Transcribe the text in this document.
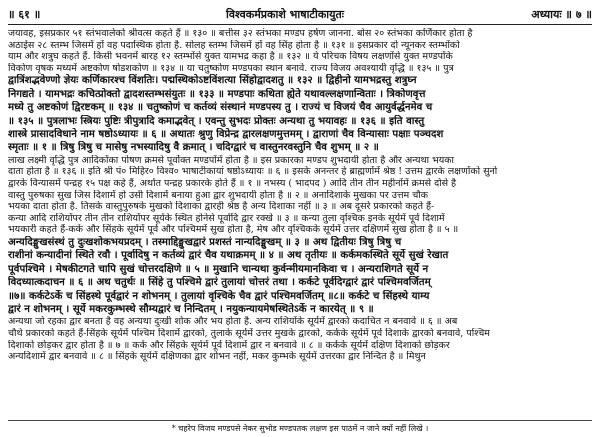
॥ ६१ ॥	विश्वकर्मप्रकाशे भाषाटीकायुतः	अध्यायः ॥ ७ ॥
जयावह, इसप्रकार ५१ स्तंभवालेको श्रीवत्स कहते हैं ॥ १३० ॥ बत्तीस ३२ स्तंभका मण्डप हर्षण जानना. बोस २० स्तंभका कर्णिकार होता है
अठाईस २८ स्तम्भ जिसमें हों वह पदास्थिक होता है. सोलह स्तम्भ जिसमें हों वह सिंह होता है ॥ १३१ ॥ इसप्रकार दो न्यूनकर स्तम्भोंको
याम और शत्रुघ कहते हैं. किसी भवनमें बारह १२ स्तम्भोंसे युक्त यामभद्र कहा है ॥ १३२ ॥ ये परिचक विषय लक्षणोंसे युक्त मण्डपोंके
विकोण वृषक मध्यमें अष्टकोण षोडशकोण ॥ १३४ ॥ या चतुष्कोण मण्डपका स्थान बनावे. राज्य विजय अवश्यायी वृद्धि ॥ १३५ ॥ पुत्र
द्वात्रिंशद्भवेण्णो ज्ञेयः कर्णिकारश्च विंशतिः। पद्मस्थिकोऽष्टविंशत्या सिंहोद्वादशतु ॥ १३२ ॥ द्विहीनो यामभद्रस्तु शत्रुघ्न
निगद्यते । यामभद्रः कचित्प्रोक्तो द्वादशस्तम्भसंयुतः ॥ १३३ ॥ मण्डपाः कथिता ह्येते यथावल्लक्षणान्विताः । त्रिकोणवृत्त
मध्ये तु अष्टकोणं द्विरष्टकम् ॥ १३४ ॥ चतुष्कोणं च कर्तव्यं संस्थानं मण्डपस्य तु । राज्यं च विजयं चैव आयुर्वर्द्धनमेव च
॥ १३५ ॥ पुत्रलाभः स्त्रियः पुष्टिः त्रीपुत्रादि कमाद्भवेत् । एवन्तु सुभदः प्रोक्तः अन्यथा तु भयावहः ॥ १३६ ॥ इति वास्तु
शास्त्रे प्रासादविधाने नाम षष्ठोऽध्यायः ॥ ६ ॥ अथातः श्रुणु विप्रेन्द्र द्वारलक्षणमुत्तमम् । द्वाराणां चैव विन्यासाः पक्षाः पञ्चदश
स्मृताः ॥ १ ॥ त्रिषु त्रिषु च मासेषु नभस्यादिषु वै क्रमात् । चदिग्द्वारं च वास्तुनरवस्तुनि चैव शुभम् ॥ २ ॥
लाख लक्ष्मी वृद्धि पुत्र आदिकोंका पोषण क्रमसे पूर्वोक्त मण्डपोंमें होता है ॥ इस प्रकारका मण्डप शुभदायी होता है और अन्यथा भयका
दाता होता है ॥ १३६ ॥ इति श्री पं० मिहिर० विश्व० भाषाटीकायां षष्ठोऽध्यायः ॥ ६ ॥ इसके अनन्तर हे ब्राह्मणोंमें श्रेष्ठ ! उत्तम द्वारके लक्षणोंको सुनो
द्वारके विन्यासमें पन्द्रह १५ पक्ष कहे हैं, अर्थात पन्द्रह प्रकारके होते हैं ॥ १ ॥ नभस्य ( भादपद ) आदि तीन तीन महीनोंमें क्रमसे दोसे है
वास्तु पुरुषका सुख जिस दिशामें हो उसी दिशामें बनाया हुआ द्वार शुभदायी होता है ॥ २ ॥ अनादिशाके मुखका पर उत्तम चौक
भयका दाता होता है. तिसके वास्तुपुरुषके मुखको दिशाका द्वारही श्रेष्ठ है अन्य दिशाका नहीं ॥ ३ ॥ अब दूसरे प्रकारको कहते हैं-
कन्या आदि राशियोंपर तीन तीन राशियोंपर सूर्यके स्थित होनेसे पूर्वादि द्वार रक्खे ॥ ३ ॥ कन्या तुला वृश्चिक इनके सूर्यमें पूर्व दिशामें
भयकारी कहते हैं-कर्क और सिंहके सूर्यमें पूर्व और पश्चिममें सुख होता है, मेष और वृश्चिकके सूर्यमें उत्तर दक्षिणमें सुख होता है ॥ ५ ॥
अन्यदिङ्मुखसंस्थं तु दुःखशोकभयप्रदम् । तस्माद्दिङ्मुखद्वारं प्रशस्तं नान्यदिङ्मुखम् ॥ ३ ॥ अथ द्वितीयः त्रिषु त्रिषु च
राशीनां कन्यादीनां स्थिते रवौ । पूर्वादिषु न कर्तव्यं द्वारं चैव यथाक्रमम् ॥ ४ ॥ अथ तृतीयः ॥ कर्कमकस्थिते सूर्ये सुखं रेखात
पूर्वपश्चिमे । मेषकीटगते चापि सुखं चोत्तरदक्षिणे ॥ ५ ॥ मुखानि चान्यथा कुर्वन्मीयमानकिवा च । अन्यराशिगते सूर्ये न
विदध्यात्कदाचन ॥ ६ ॥ अथ चतुर्थः ॥ सिंहे तु पश्चिमे द्वारं तुलायां चोत्तरं तथा । कर्कटे पूर्वदिग्द्वारं द्वारं पश्चिमवर्जितम्
॥७॥ कर्कटेऽर्के च सिंहस्थे पूर्वद्वारं न शोभनम् । तुलायां वृश्चिके चैव द्वारं पश्चिमवर्जितम् ॥८॥ कर्कटे च सिंहस्थे याम्य
द्वारं न शोभनम् । सूर्ये मकरकुम्भस्थे सौम्यद्वारं च निन्दितम् । नयुकन्यायमेषस्थितेऽर्के न कारयेत् ॥ ९ ॥
अन्यथा जो रहका द्वार बनता है वह अन्यथा दुःखी शोक और भय होता है. अन्य राशियोंके सूर्यमें द्वारको कदाचित न बनवावे ॥ ६ ॥ अब
चौथे प्रकारको कहते हैं-सिंहके सूर्यमें पश्चिम दिशामें द्वारको, तुलाके सूर्यमें उत्तर मुखके द्वारको, कर्कके सूर्यमें पूर्व दिशाके द्वारको बनवावे, पश्चिम
दिशाको छोड़कर द्वार होता है ॥ ७ ॥ कर्क और सिंहके सूर्यमें पूर्व दिशामें द्वार न बनवावे ॥ ८ ॥ कर्कके सूर्यमें दक्षिण दिशाको छोड़कर
अन्यदिशामें द्वार बनवावे ॥ ८ ॥ सिंहके सूर्यमें दक्षिणका द्वार शोभन नहीं, मकर कुम्भके सूर्यमें उत्तरका द्वार निन्दित है ॥ मिथुन
* चहरेप विजय मण्डपसे नेकर सुभोड मण्डपतक लक्षण इस पाठमें न जाने क्यों नहीं लिखे ।
